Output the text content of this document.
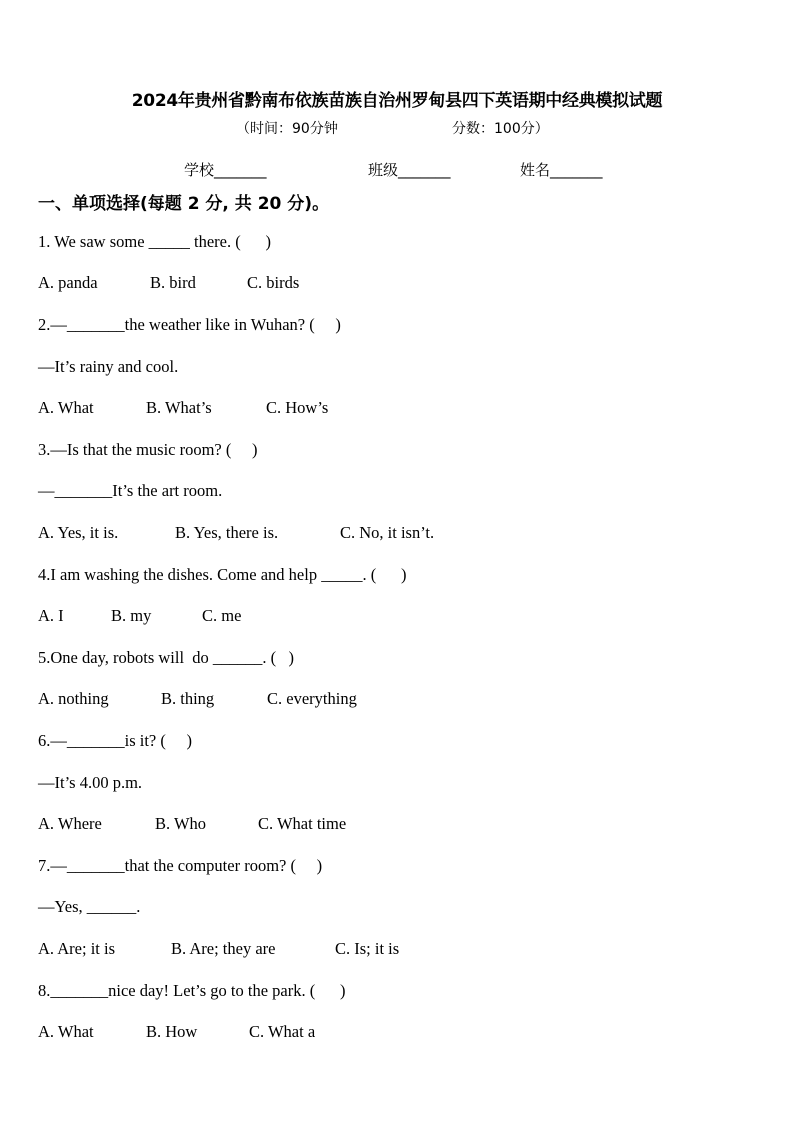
2024年贵州省黔南布依族苗族自治州罗甸县四下英语期中经典模拟试题
（时间：90分钟	分数：100分）
学校_______	班级_______	姓名_______
一、单项选择(每题 2 分, 共 20 分)。
1. We saw some _____ there. (      )
A. panda	B. bird	C. birds
2.—_______the weather like in Wuhan? (     )
—It’s rainy and cool.
A. What	B. What’s	C. How’s
3.—Is that the music room? (     )
—_______It’s the art room.
A. Yes, it is.	B. Yes, there is.	C. No, it isn’t.
4.I am washing the dishes. Come and help _____. (      )
A. I	B. my	C. me
5.One day, robots will  do ______. (   )
A. nothing	B. thing	C. everything
6.—_______is it? (     )
—It’s 4.00 p.m.
A. Where	B. Who	C. What time
7.—_______that the computer room? (     )
—Yes, ______.
A. Are; it is	B. Are; they are	C. Is; it is
8._______nice day! Let’s go to the park. (      )
A. What	B. How	C. What a
